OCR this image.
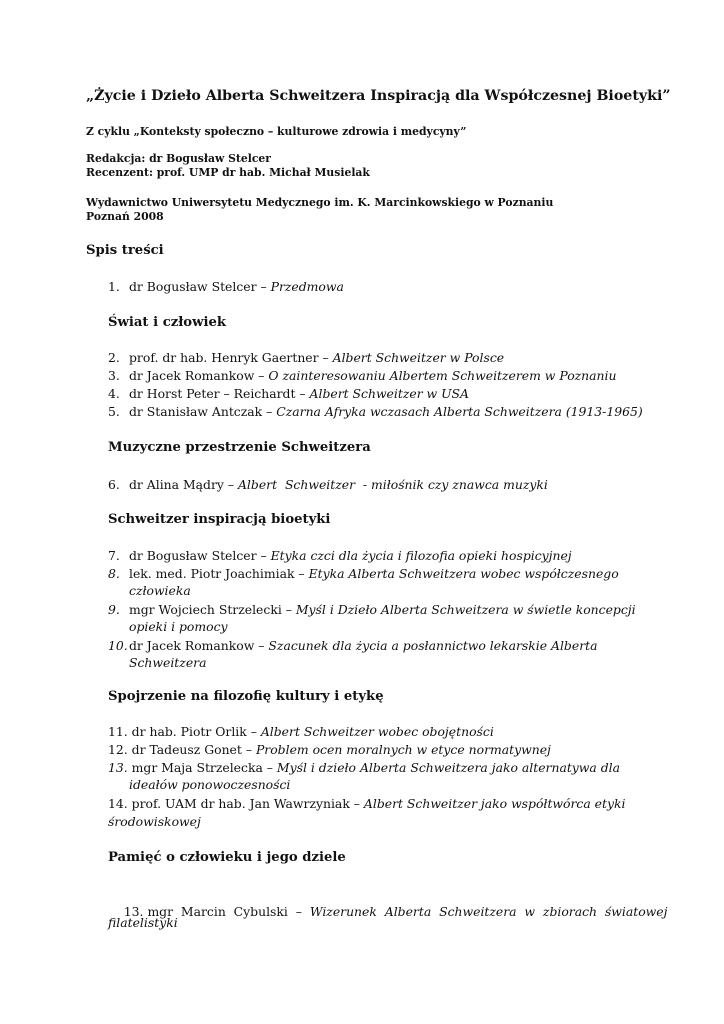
„Życie i Dzieło Alberta Schweitzera Inspiracją dla Współczesnej Bioetyki”
Z cyklu „Konteksty społeczno – kulturowe zdrowia i medycyny”
Redakcja: dr Bogusław Stelcer
Recenzent: prof. UMP dr hab. Michał Musielak
Wydawnictwo Uniwersytetu Medycznego im. K. Marcinkowskiego w Poznaniu
Poznań 2008
Spis treści
1. dr Bogusław Stelcer – Przedmowa
Świat i człowiek
2. prof. dr hab. Henryk Gaertner – Albert Schweitzer w Polsce
3. dr Jacek Romankow – O zainteresowaniu Albertem Schweitzerem w Poznaniu
4. dr Horst Peter – Reichardt – Albert Schweitzer w USA
5. dr Stanisław Antczak – Czarna Afryka wczasach Alberta Schweitzera (1913-1965)
Muzyczne przestrzenie Schweitzera
6. dr Alina Mądry – Albert  Schweitzer  - miłośnik czy znawca muzyki
Schweitzer inspiracją bioetyki
7. dr Bogusław Stelcer – Etyka czci dla życia i filozofia opieki hospicyjnej
8. lek. med. Piotr Joachimiak – Etyka Alberta Schweitzera wobec współczesnego
człowieka
9. mgr Wojciech Strzelecki – Myśl i Dzieło Alberta Schweitzera w świetle koncepcji
opieki i pomocy
10. dr Jacek Romankow – Szacunek dla życia a posłannictwo lekarskie Alberta
Schweitzera
Spojrzenie na filozofię kultury i etykę
11. dr hab. Piotr Orlik – Albert Schweitzer wobec obojętności
12. dr Tadeusz Gonet – Problem ocen moralnych w etyce normatywnej
13. mgr Maja Strzelecka – Myśl i dzieło Alberta Schweitzera jako alternatywa dla
ideałów ponowoczesności
14. prof. UAM dr hab. Jan Wawrzyniak – Albert Schweitzer jako współtwórca etyki
środowiskowej
Pamięć o człowieku i jego dziele

13. mgr  Marcin  Cybulski  –  Wizerunek  Alberta  Schweitzera  w  zbiorach  światowej

filatelistyki
